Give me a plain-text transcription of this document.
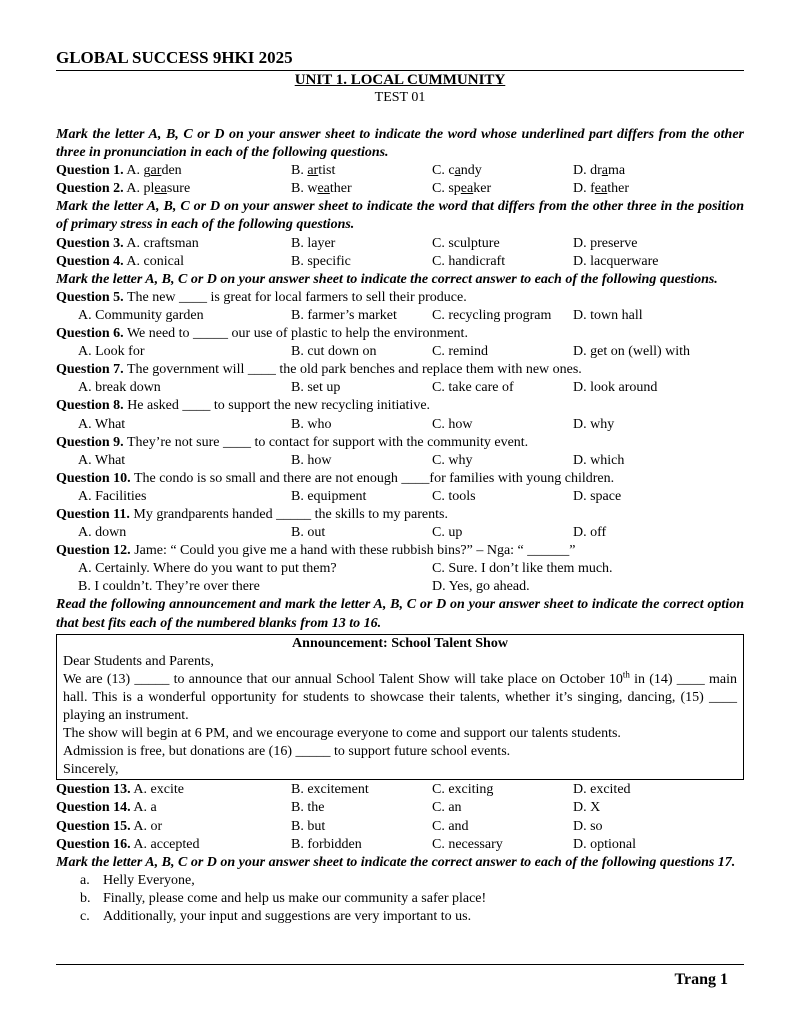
GLOBAL SUCCESS 9HKI 2025
UNIT 1. LOCAL CUMMUNITY
TEST 01
Mark the letter A, B, C or D on your answer sheet to indicate the word whose underlined part differs from the other three in pronunciation in each of the following questions.
Question 1. A. garden	B. artist	C. candy	D. drama
Question 2. A. pleasure	B. weather	C. speaker	D. feather
Mark the letter A, B, C or D on your answer sheet to indicate the word that differs from the other three in the position of primary stress in each of the following questions.
Question 3. A. craftsman	B. layer	C. sculpture	D. preserve
Question 4. A. conical	B. specific	C. handicraft	D. lacquerware
Mark the letter A, B, C or D on your answer sheet to indicate the correct answer to each of the following questions.
Question 5. The new ____ is great for local farmers to sell their produce.
A. Community garden	B. farmer’s market	C. recycling program D. town hall
Question 6. We need to _____ our use of plastic to help the environment.
A. Look for	B. cut down on	C. remind	D. get on (well) with
Question 7. The government will ____ the old park benches and replace them with new ones.
A. break down	B. set up	C. take care of	D. look around
Question 8. He asked ____ to support the new recycling initiative.
A. What	B. who	C. how	D. why
Question 9. They’re not sure ____ to contact for support with the community event.
A. What	B. how	C. why	D. which
Question 10. The condo is so small and there are not enough ____for families with young children.
A. Facilities	B. equipment	C. tools	D. space
Question 11. My grandparents handed _____ the skills to my parents.
A. down	B. out	C. up	D. off
Question 12. Jame: “ Could you give me a hand with these rubbish bins?” – Nga: “ ______”
A. Certainly. Where do you want to put them?	C. Sure. I don’t like them much.
B. I couldn’t. They’re over there	D. Yes, go ahead.
Read the following announcement and mark the letter A, B, C or D on your answer sheet to indicate the correct option that best fits each of the numbered blanks from 13 to 16.
Announcement: School Talent Show
Dear Students and Parents,
We are (13) _____ to announce that our annual School Talent Show will take place on October 10th in (14) ____ main hall. This is a wonderful opportunity for students to showcase their talents, whether it’s singing, dancing, (15) ____ playing an instrument.
The show will begin at 6 PM, and we encourage everyone to come and support our talents students.
Admission is free, but donations are (16) _____ to support future school events.
Sincerely,
Question 13. A. excite	B. excitement	C. exciting	D. excited
Question 14. A. a	B. the	C. an	D. X
Question 15. A. or	B. but	C. and	D. so
Question 16. A. accepted	B. forbidden	C. necessary	D. optional
Mark the letter A, B, C or D on your answer sheet to indicate the correct answer to each of the following questions 17.
a. Helly Everyone,
b. Finally, please come and help us make our community a safer place!
c. Additionally, your input and suggestions are very important to us.
Trang 1
